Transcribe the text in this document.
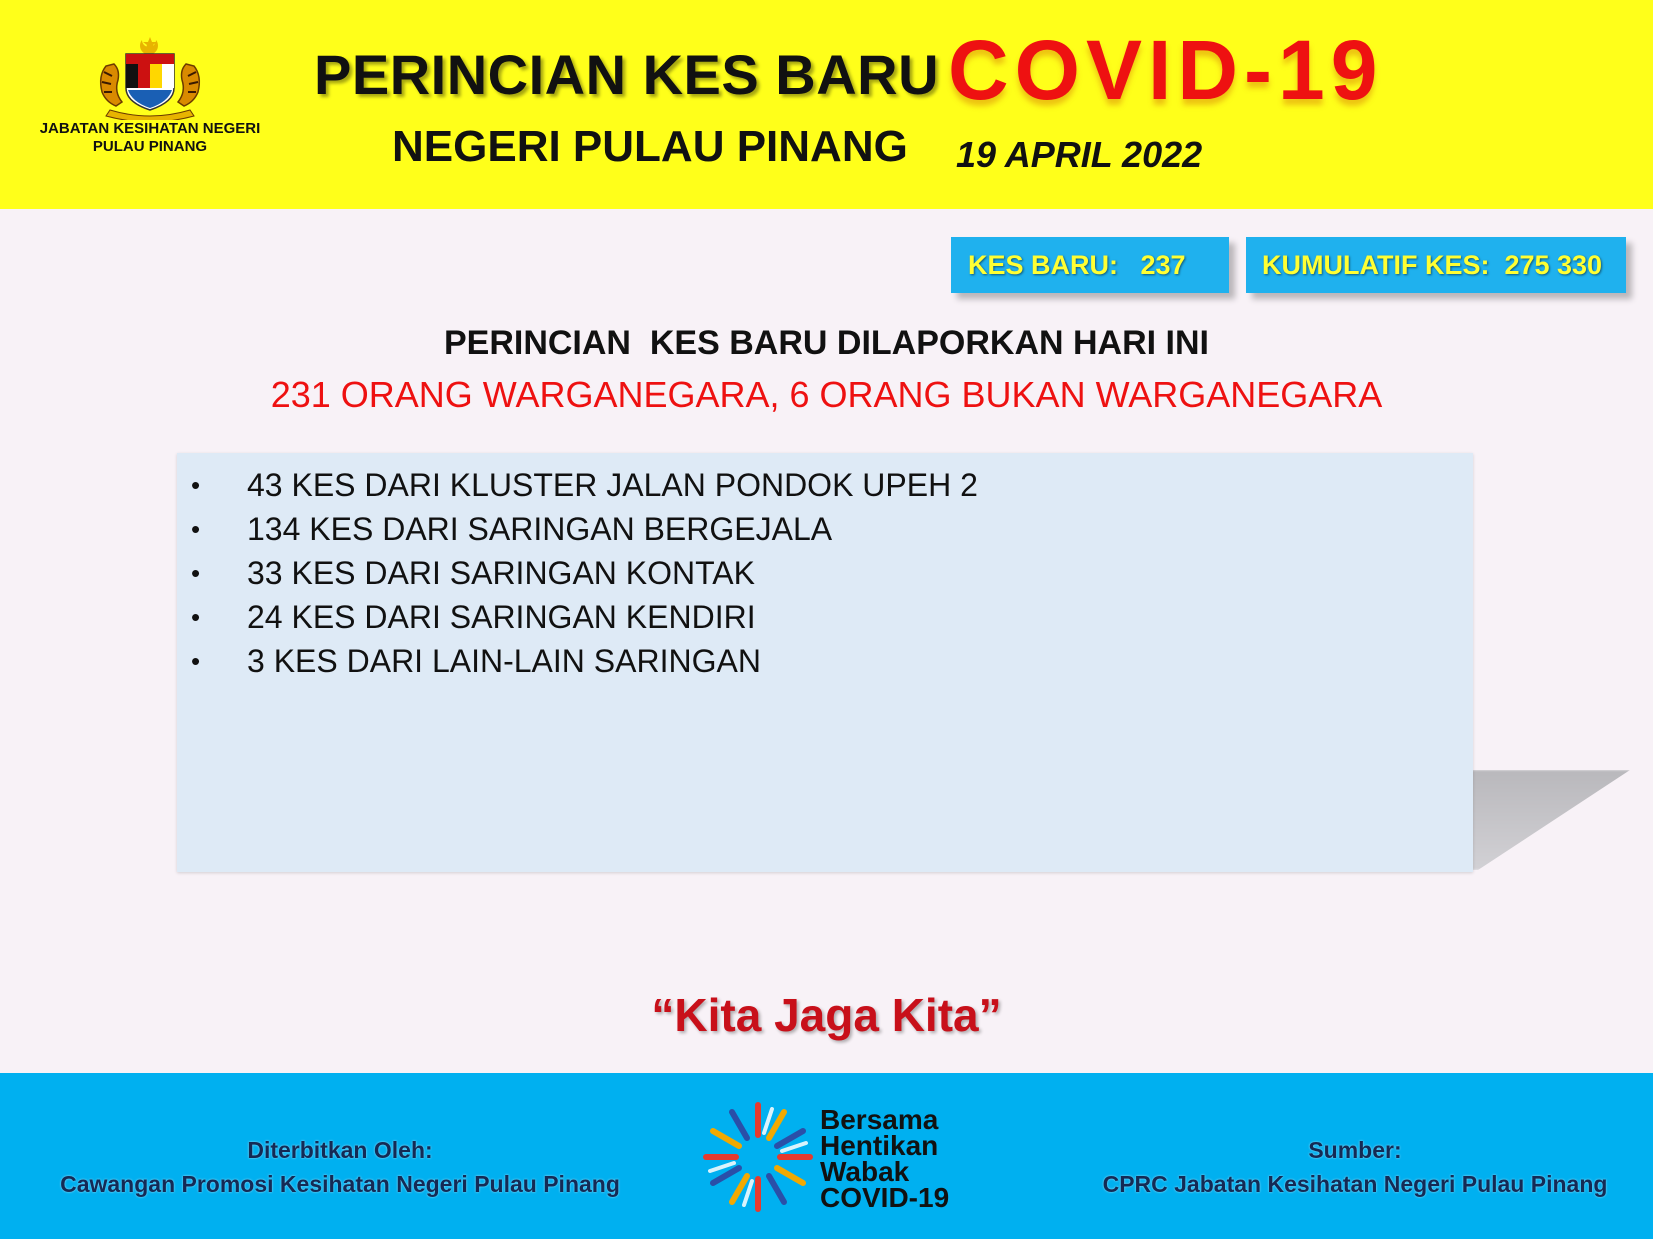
JABATAN KESIHATAN NEGERI
PULAU PINANG
PERINCIAN KES BARU COVID-19
NEGERI PULAU PINANG 19 APRIL 2022
KES BARU:   237	KUMULATIF KES:  275 330
PERINCIAN  KES BARU DILAPORKAN HARI INI
231 ORANG WARGANEGARA, 6 ORANG BUKAN WARGANEGARA
• 43 KES DARI KLUSTER JALAN PONDOK UPEH 2
• 134 KES DARI SARINGAN BERGEJALA
• 33 KES DARI SARINGAN KONTAK
• 24 KES DARI SARINGAN KENDIRI
• 3 KES DARI LAIN-LAIN SARINGAN
“Kita Jaga Kita”
Diterbitkan Oleh:
Cawangan Promosi Kesihatan Negeri Pulau Pinang
Bersama
Hentikan
Wabak
COVID-19
Sumber:
CPRC Jabatan Kesihatan Negeri Pulau Pinang
